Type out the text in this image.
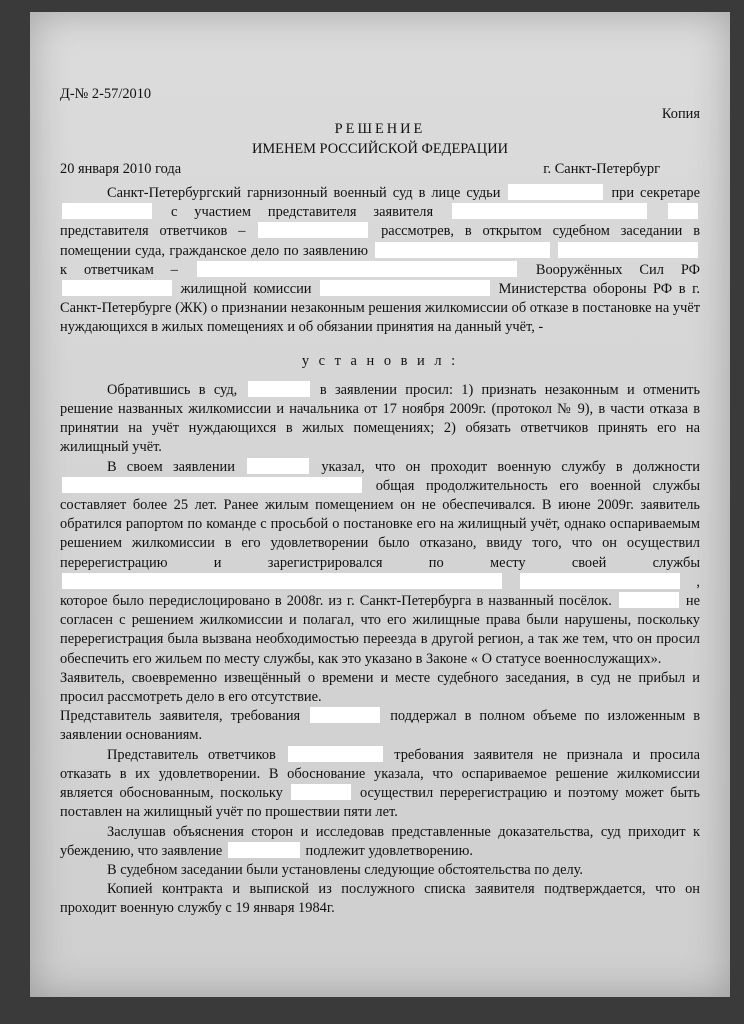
Д-№ 2-57/2010
Копия
РЕШЕНИЕ
ИМЕНЕМ РОССИЙСКОЙ ФЕДЕРАЦИИ
20 января 2010 года	г. Санкт-Петербург

Санкт-Петербургский гарнизонный военный суд в лице судьи	при секретаре  с участием представителя заявителя   представителя ответчиков –	рассмотрев, в открытом судебном заседании в помещении суда, гражданское дело по заявлению   к ответчикам –	Вооружённых Сил РФ  жилищной комиссии	Министерства обороны РФ в г. Санкт-Петербурге (ЖК) о признании незаконным решения жилкомиссии об отказе в постановке на учёт нуждающихся в жилых помещениях и об обязании принятия на данный учёт, -

у с т а н о в и л :

Обратившись в суд,	в заявлении просил: 1) признать незаконным и отменить решение названных жилкомиссии и начальника от 17 ноября 2009г. (протокол № 9), в части отказа в принятии на учёт нуждающихся в жилых помещениях; 2) обязать ответчиков принять его на жилищный учёт.

В своем заявлении	указал, что он проходит военную службу в должности  общая продолжительность его военной службы составляет более 25 лет. Ранее жилым помещением он не обеспечивался. В июне 2009г. заявитель обратился рапортом по команде с просьбой о постановке его на жилищный учёт, однако оспариваемым решением жилкомиссии в его удовлетворении было отказано, ввиду того, что он осуществил перерегистрацию и зарегистрировался по месту своей службы   , которое было передислоцировано в 2008г. из г. Санкт-Петербурга в названный посёлок.	не согласен с решением жилкомиссии и полагал, что его жилищные права были нарушены, поскольку перерегистрация была вызвана необходимостью переезда в другой регион, а так же тем, что он просил обеспечить его жильем по месту службы, как это указано в Законе « О статусе военнослужащих».

Заявитель, своевременно извещённый о времени и месте судебного заседания, в суд не прибыл и просил рассмотреть дело в его отсутствие.

Представитель заявителя, требования	поддержал в полном объеме по изложенным в заявлении основаниям.

Представитель ответчиков	требования заявителя не признала и просила отказать в их удовлетворении. В обоснование указала, что оспариваемое решение жилкомиссии является обоснованным, поскольку	осуществил перерегистрацию и поэтому может быть поставлен на жилищный учёт по прошествии пяти лет.

Заслушав объяснения сторон и исследовав представленные доказательства, суд приходит к убеждению, что заявление	подлежит удовлетворению.

В судебном заседании были установлены следующие обстоятельства по делу.

Копией контракта и выпиской из послужного списка заявителя подтверждается, что он проходит военную службу с 19 января 1984г.
